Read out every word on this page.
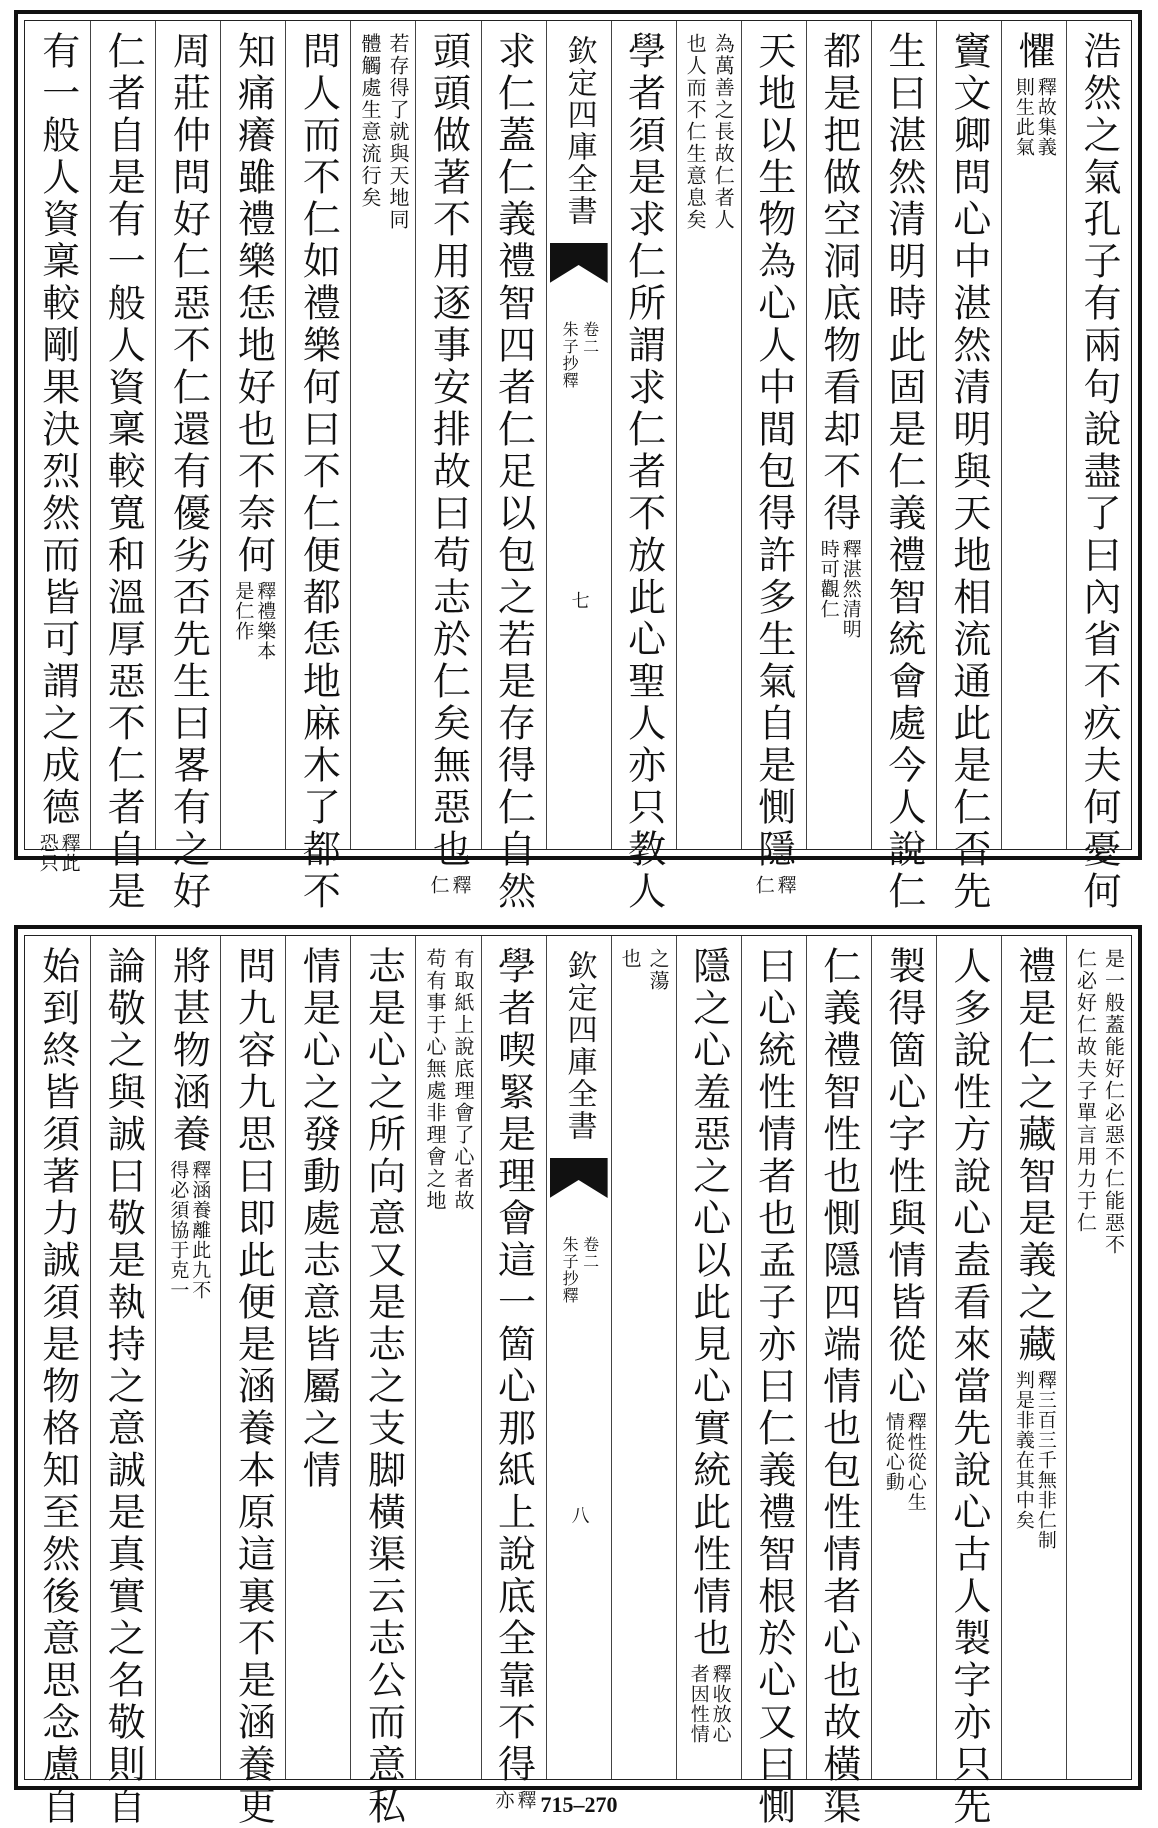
浩然之氣孔子有兩句說盡了曰內省不疚夫何憂何
懼
釋故集義
則生此氣
竇文卿問心中湛然清明與天地相流通此是仁否先
生曰湛然清明時此固是仁義禮智統會處今人說仁
都是把做空洞底物看却不得
釋湛然清明
時可觀仁
天地以生物為心人中間包得許多生氣自是惻隱
釋
仁
為萬善之長故仁者人
也人而不仁生意息矣
學者須是求仁所謂求仁者不放此心聖人亦只教人
欽定四庫全書
朱子抄釋 卷二
七
求仁蓋仁義禮智四者仁足以包之若是存得仁自然
頭頭做著不用逐事安排故曰苟志於仁矣無惡也
釋
仁
若存得了就與天地同
體觸處生意流行矣
問人而不仁如禮樂何曰不仁便都恁地麻木了都不
知痛癢雖禮樂恁地好也不奈何
釋禮樂本
是仁作
周莊仲問好仁惡不仁還有優劣否先生曰畧有之好
仁者自是有一般人資稟較寬和溫厚惡不仁者自是
有一般人資稟較剛果決烈然而皆可謂之成德
釋此
恐只
是一般蓋能好仁必惡不仁能惡不
仁必好仁故夫子單言用力于仁
禮是仁之藏智是義之藏
釋三百三千無非仁制
判是非義在其中矣
人多說性方說心盍看來當先說心古人製字亦只先
製得箇心字性與情皆從心
釋性從心生
情從心動
仁義禮智性也惻隱四端情也包性情者心也故橫渠
曰心統性情者也孟子亦曰仁義禮智根於心又曰惻
隱之心羞惡之心以此見心實統此性情也
釋收放心
者因性情
之蕩
也
欽定四庫全書
朱子抄釋 卷二
八
學者喫緊是理會這一箇心那紙上說底全靠不得
釋
亦
有取紙上說底理會了心者故
苟有事于心無處非理會之地
志是心之所向意又是志之支脚橫渠云志公而意私
情是心之發動處志意皆屬之情
問九容九思曰即此便是涵養本原這裏不是涵養更
將甚物涵養
釋涵養離此九不
得必須協于克一
論敬之與誠曰敬是執持之意誠是真實之名敬則自
始到終皆須著力誠須是物格知至然後意思念慮自	715–270
